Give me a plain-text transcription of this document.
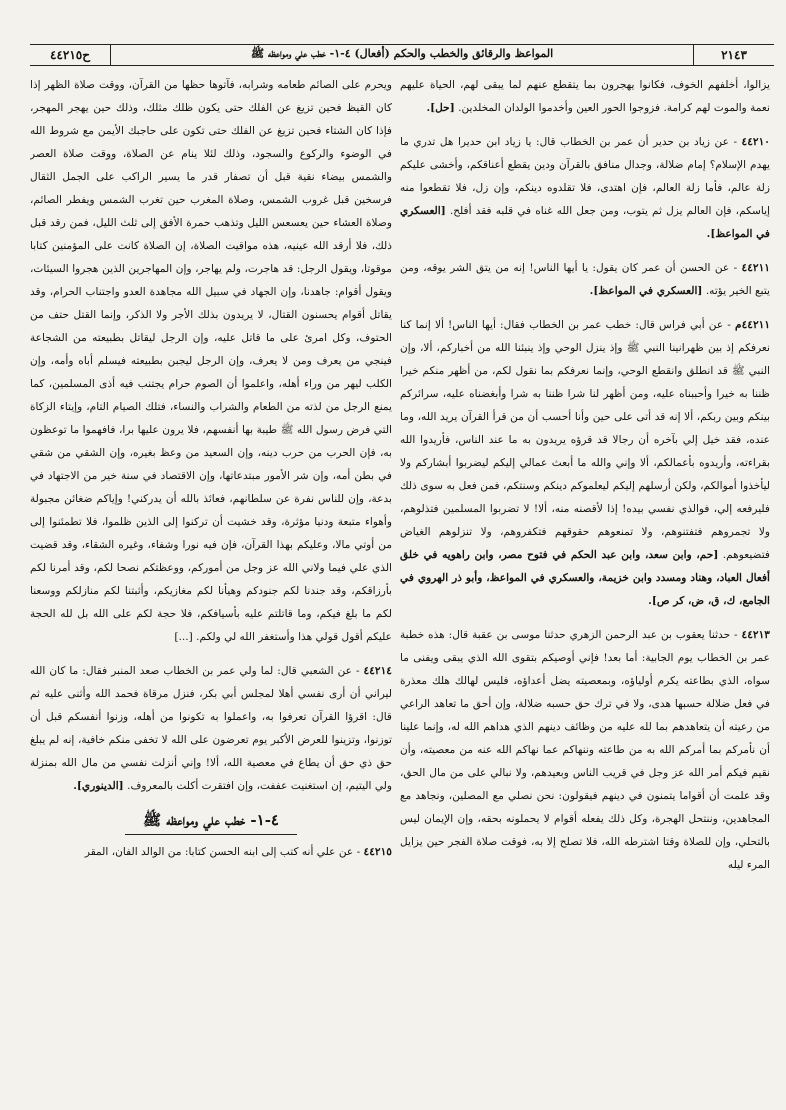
ح٤٤٢١٥	المواعظ والرقائق والخطب والحكم (أفعال) ٤-١- خطب علي ومواعظه ﷺ	٢١٤٣

يزالوا، أخلفهم الخوف، فكانوا يهجرون بما يتقطع عنهم لما يبقى لهم، الحياة عليهم نعمة والموت لهم كرامة. فزوجوا الحور العين وأخدموا الولدان المخلدين. [حل].

٤٤٢١٠ - عن زياد بن حدير أن عمر بن الخطاب قال: يا زياد ابن حديرا هل تدري ما يهدم الإسلام؟ إمام ضلالة، وجدال منافق بالقرآن ودين يقطع أعناقكم، وأخشى عليكم زلة عالم، فأما زلة العالم، فإن اهتدى، فلا تقلدوه دينكم، وإن زل، فلا تقطعوا منه إياسكم، فإن العالم يزل ثم يتوب، ومن جعل الله غناه في قلبه فقد أفلح. [العسكري في المواعظ].

٤٤٢١١ - عن الحسن أن عمر كان يقول: يا أيها الناس! إنه من يتق الشر يوقه، ومن يتبع الخير يؤته. [العسكري في المواعظ].

٤٤٢١١م - عن أبي فراس قال: خطب عمر بن الخطاب فقال: أيها الناس! ألا إنما كنا نعرفكم إذ بين ظهرانينا النبي ﷺ وإذ ينزل الوحي وإذ ينبئنا الله من أخباركم، ألا، وإن النبي ﷺ قد انطلق وانقطع الوحي، وإنما نعرفكم بما نقول لكم، من أظهر منكم خيرا ظننا به خيرا وأحببناه عليه، ومن أظهر لنا شرا ظننا به شرا وأبغضناه عليه، سرائركم بينكم وبين ربكم، ألا إنه قد أتى على حين وأنا أحسب أن من قرأ القرآن يريد الله، وما عنده، فقد خيل إلي بآخره أن رجالا قد قرؤه يريدون به ما عند الناس، فأريدوا الله بقراءته، وأريدوه بأعمالكم، ألا وإني والله ما أبعث عمالي إليكم ليضربوا أبشاركم ولا ليأخذوا أموالكم، ولكن أرسلهم إليكم ليعلموكم دينكم وسنتكم، فمن فعل به سوى ذلك فليرفعه إلي، فوالذي نفسي بيده! إذا لأقصنه منه، ألا! لا تضربوا المسلمين فتذلوهم، ولا تجمروهم فتفتنوهم، ولا تمنعوهم حقوقهم فتكفروهم، ولا تنزلوهم الغياض فتضيعوهم. [حم، وابن سعد، وابن عبد الحكم في فتوح مصر، وابن راهويه في خلق أفعال العباد، وهناد ومسدد وابن خزيمة، والعسكري في المواعظ، وأبو ذر الهروي في الجامع، ك، ق، ض، كر ص].

٤٤٢١٣ - حدثنا يعقوب بن عبد الرحمن الزهري حدثنا موسى بن عقبة قال: هذه خطبة عمر بن الخطاب يوم الجابية: أما بعد! فإني أوصيكم بتقوى الله الذي يبقى ويفنى ما سواه، الذي بطاعته يكرم أولياؤه، وبمعصيته يضل أعداؤه، فليس لهالك هلك معذرة في فعل ضلالة حسبها هدى، ولا في ترك حق حسبه ضلالة، وإن أحق ما تعاهد الراعي من رعيته أن يتعاهدهم بما لله عليه من وظائف دينهم الذي هداهم الله له، وإنما علينا أن نأمركم بما أمركم الله به من طاعته وننهاكم عما نهاكم الله عنه من معصيته، وأن نقيم فيكم أمر الله عز وجل في قريب الناس وبعيدهم، ولا نبالي على من مال الحق، وقد علمت أن أقواما يتمنون في دينهم فيقولون: نحن نصلي مع المصلين، ونجاهد مع المجاهدين، وننتحل الهجرة، وكل ذلك يفعله أقوام لا يحملونه بحقه، وإن الإيمان ليس بالتحلي، وإن للصلاة وقتا اشترطه الله، فلا تصلح إلا به، فوقت صلاة الفجر حين يزايل المرء ليله

ويحرم على الصائم طعامه وشرابه، فآتوها حظها من القرآن، ووقت صلاة الظهر إذا كان القيظ فحين تزيغ عن الفلك حتى يكون ظلك مثلك، وذلك حين يهجر المهجر، فإذا كان الشتاء فحين تزيغ عن الفلك حتى تكون على حاجبك الأيمن مع شروط الله في الوضوء والركوع والسجود، وذلك لئلا ينام عن الصلاة، ووقت صلاة العصر والشمس بيضاء نقية قبل أن تصفار قدر ما يسير الراكب على الجمل الثقال فرسخين قبل غروب الشمس، وصلاة المغرب حين تغرب الشمس ويفطر الصائم، وصلاة العشاء حين يعسعس الليل وتذهب حمرة الأفق إلى ثلث الليل، فمن رقد قبل ذلك، فلا أرقد الله عينيه، هذه مواقيت الصلاة، إن الصلاة كانت على المؤمنين كتابا موقوتا، ويقول الرجل: قد هاجرت، ولم يهاجر، وإن المهاجرين الذين هجروا السيئات، ويقول أقوام: جاهدنا، وإن الجهاد في سبيل الله مجاهدة العدو واجتناب الحرام، وقد يقاتل أقوام يحسنون القتال، لا يريدون بذلك الأجر ولا الذكر، وإنما القتل حتف من الحتوف، وكل امرئ على ما قاتل عليه، وإن الرجل ليقاتل بطبيعته من الشجاعة فينجي من يعرف ومن لا يعرف، وإن الرجل ليجبن بطبيعته فيسلم أباه وأمه، وإن الكلب ليهر من وراء أهله، واعلموا أن الصوم حرام يجتنب فيه أذى المسلمين، كما يمنع الرجل من لذته من الطعام والشراب والنساء، فتلك الصيام التام، وإيتاء الزكاة التي فرض رسول الله ﷺ طيبة بها أنفسهم، فلا يرون عليها برا، فافهموا ما توعظون به، فإن الحرب من حرب دينه، وإن السعيد من وعظ بغيره، وإن الشقي من شقي في بطن أمه، وإن شر الأمور مبتدعاتها، وإن الاقتصاد في سنة خير من الاجتهاد في بدعة، وإن للناس نفرة عن سلطانهم، فعائذ بالله أن يدركني! وإياكم ضغائن مجبولة وأهواء متبعة ودنيا مؤثرة، وقد خشيت أن تركنوا إلى الذين ظلموا، فلا تطمئنوا إلى من أوتي مالا، وعليكم بهذا القرآن، فإن فيه نورا وشفاء، وغيره الشقاء، وقد قضيت الذي علي فيما ولاني الله عز وجل من أموركم، ووعظتكم نصحا لكم، وقد أمرنا لكم بأرزاقكم، وقد جندنا لكم جنودكم وهيأنا لكم مغازيكم، وأثبتنا لكم منازلكم ووسعنا لكم ما بلغ فيكم، وما قاتلتم عليه بأسيافكم، فلا حجة لكم على الله بل لله الحجة عليكم أقول قولي هذا وأستغفر الله لي ولكم. [...]

٤٤٢١٤ - عن الشعبي قال: لما ولي عمر بن الخطاب صعد المنبر فقال: ما كان الله ليراني أن أرى نفسي أهلا لمجلس أبي بكر، فنزل مرقاة فحمد الله وأثنى عليه ثم قال: اقرؤا القرآن تعرفوا به، واعملوا به تكونوا من أهله، وزنوا أنفسكم قبل أن توزنوا، وتزينوا للعرض الأكبر يوم تعرضون على الله لا تخفى منكم خافية، إنه لم يبلغ حق ذي حق أن يطاع في معصية الله، ألا! وإني أنزلت نفسي من مال الله بمنزلة ولي اليتيم، إن استغنيت عففت، وإن افتقرت أكلت بالمعروف. [الدينوري].

٤-١- خطب علي ومواعظه ﷺ

٤٤٢١٥ - عن علي أنه كتب إلى ابنه الحسن كتابا: من الوالد الفان، المقر
